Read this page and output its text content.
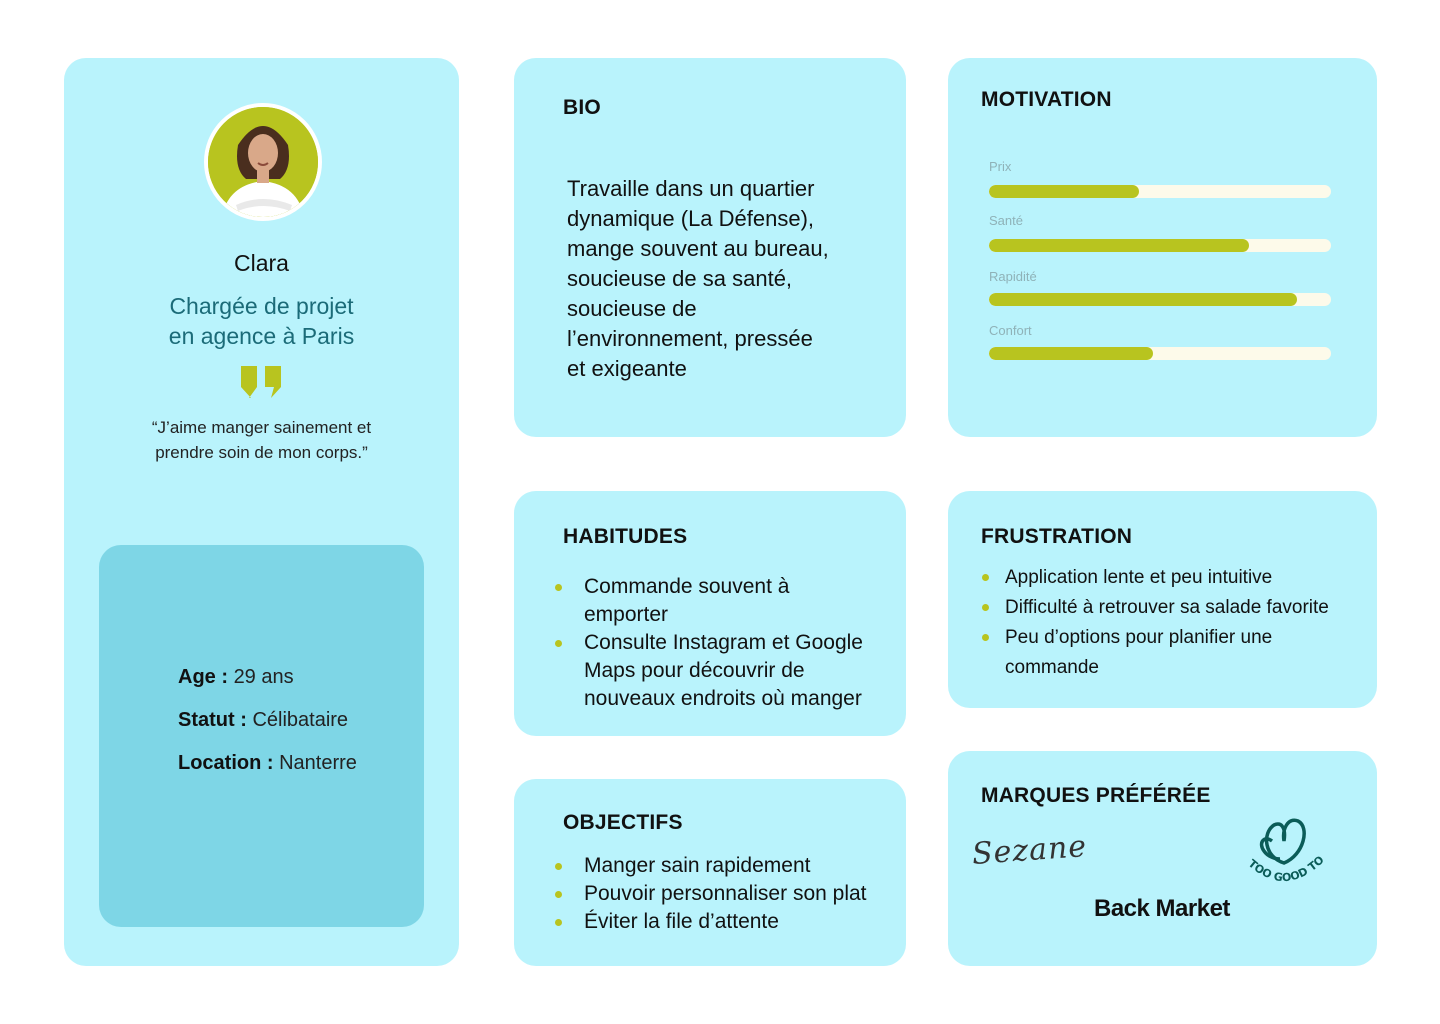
Clara
Chargée de projet
en agence à Paris
“J’aime manger sainement et
prendre soin de mon corps.”
Age : 29 ans
Statut : Célibataire
Location : Nanterre
BIO
Travaille dans un quartier
dynamique (La Défense),
mange souvent au bureau,
soucieuse de sa santé,
soucieuse de
l’environnement, pressée
et exigeante
MOTIVATION
Prix
Santé
Rapidité
Confort
HABITUDES
Commande souvent à
emporter
Consulte Instagram et Google
Maps pour découvrir de
nouveaux endroits où manger
OBJECTIFS
Manger sain rapidement
Pouvoir personnaliser son plat
Éviter la file d’attente
FRUSTRATION
Application lente et peu intuitive
Difficulté à retrouver sa salade favorite
Peu d’options pour planifier une
commande
MARQUES PRÉFÉRÉE
Sezane	TOO GOOD TO
Back Market
